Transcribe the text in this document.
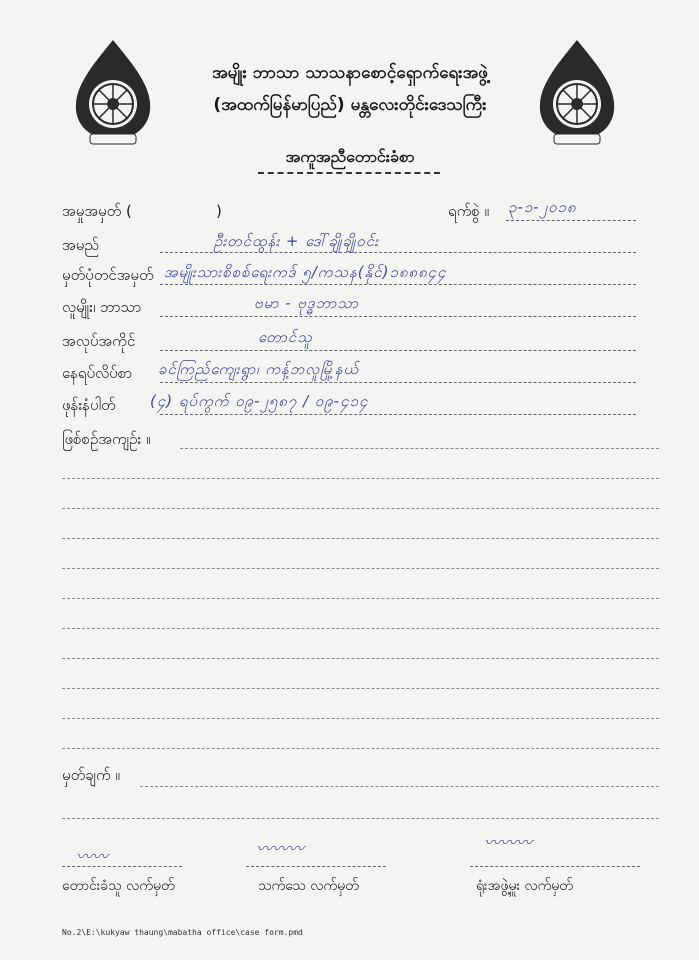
အမျိုး ဘာသာ သာသနာစောင့်ရှောက်ရေးအဖွဲ့
(အထက်မြန်မာပြည်) မန္တလေးတိုင်းဒေသကြီး
အကူအညီတောင်းခံစာ
အမှုအမှတ် (	)	ရက်စွဲ ။ ၃-၁-၂၀၁၈
အမည်	ဦးတင်ထွန်း + ဒေါ်ချိုချိုဝင်း
မှတ်ပုံတင်အမှတ် အမျိုးသားစိစစ်ရေးကဒ် ၅/ကသန(နိုင်)၁၈၈၈၄၄
လူမျိုး၊ ဘာသာ	ဗမာ - ဗုဒ္ဓဘာသာ
အလုပ်အကိုင်	တောင်သူ
နေရပ်လိပ်စာ ခင်ကြည်ကျေးရွာ၊ ကန့်ဘလူမြို့နယ်
ဖုန်းနံပါတ် (၄) ရပ်ကွက် ၀၉-၂၅၈၇ / ၀၉-၄၁၄
ဖြစ်စဉ်အကျဉ်း ။
မှတ်ချက် ။
〰〰	〰〰〰	〰〰〰
တောင်းခံသူ လက်မှတ်	သက်သေ လက်မှတ်	ရုံးအဖွဲ့မှူး လက်မှတ်
No.2\E:\kukyaw thaung\mabatha office\case form.pmd
